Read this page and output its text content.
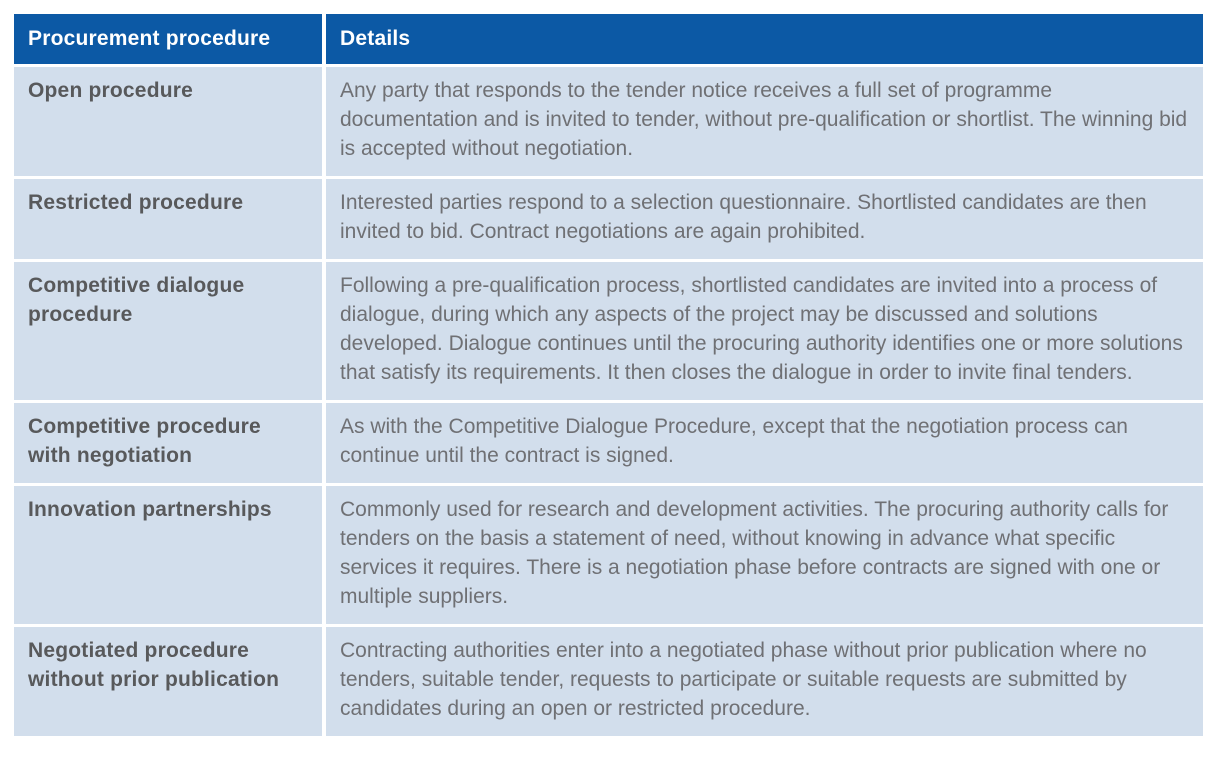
Procurement procedure	Details
Open procedure	Any party that responds to the tender notice receives a full set of programme documentation and is invited to tender, without pre-qualification or shortlist. The winning bid is accepted without negotiation.
Restricted procedure	Interested parties respond to a selection questionnaire. Shortlisted candidates are then invited to bid. Contract negotiations are again prohibited.
Competitive dialogue procedure	Following a pre-qualification process, shortlisted candidates are invited into a process of dialogue, during which any aspects of the project may be discussed and solutions developed. Dialogue continues until the procuring authority identifies one or more solutions that satisfy its requirements. It then closes the dialogue in order to invite final tenders.
Competitive procedure with negotiation	As with the Competitive Dialogue Procedure, except that the negotiation process can continue until the contract is signed.
Innovation partnerships	Commonly used for research and development activities. The procuring authority calls for tenders on the basis a statement of need, without knowing in advance what specific services it requires. There is a negotiation phase before contracts are signed with one or multiple suppliers.
Negotiated procedure without prior publication	Contracting authorities enter into a negotiated phase without prior publication where no tenders, suitable tender, requests to participate or suitable requests are submitted by candidates during an open or restricted procedure.
